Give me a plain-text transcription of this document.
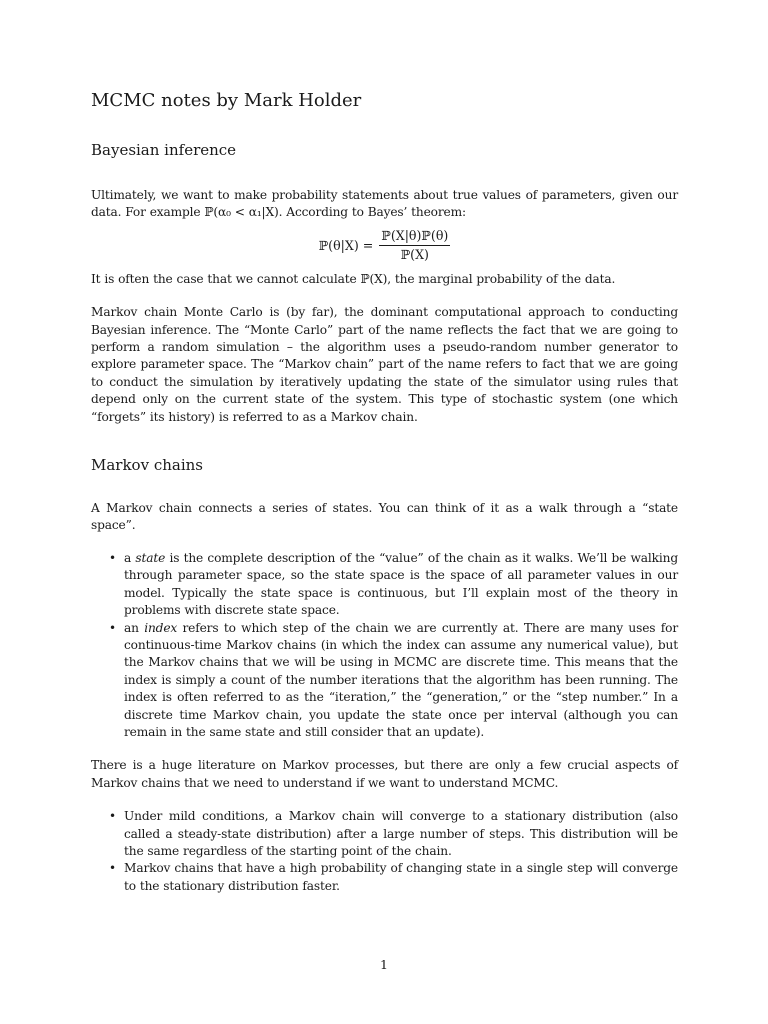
MCMC notes by Mark Holder
Bayesian inference

Ultimately, we want to make probability statements about true values of parameters, given our data. For example ℙ(α₀ < α₁|X). According to Bayes’ theorem:

ℙ(θ|X) = $\frac{\text{ℙ(X|θ)ℙ(θ)}}{\text{ℙ(X)}}$

It is often the case that we cannot calculate ℙ(X), the marginal probability of the data.

Markov chain Monte Carlo is (by far), the dominant computational approach to conducting Bayesian inference. The “Monte Carlo” part of the name reflects the fact that we are going to perform a random simulation – the algorithm uses a pseudo-random number generator to explore parameter space. The “Markov chain” part of the name refers to fact that we are going to conduct the simulation by iteratively updating the state of the simulator using rules that depend only on the current state of the system. This type of stochastic system (one which “forgets” its history) is referred to as a Markov chain.

Markov chains

A Markov chain connects a series of states. You can think of it as a walk through a “state space”.

• a state is the complete description of the “value” of the chain as it walks. We’ll be walking through parameter space, so the state space is the space of all parameter values in our model. Typically the state space is continuous, but I’ll explain most of the theory in problems with discrete state space.
• an index refers to which step of the chain we are currently at. There are many uses for continuous-time Markov chains (in which the index can assume any numerical value), but the Markov chains that we will be using in MCMC are discrete time. This means that the index is simply a count of the number iterations that the algorithm has been running. The index is often referred to as the “iteration,” the “generation,” or the “step number.” In a discrete time Markov chain, you update the state once per interval (although you can remain in the same state and still consider that an update).

There is a huge literature on Markov processes, but there are only a few crucial aspects of Markov chains that we need to understand if we want to understand MCMC.

• Under mild conditions, a Markov chain will converge to a stationary distribution (also called a steady-state distribution) after a large number of steps. This distribution will be the same regardless of the starting point of the chain.
• Markov chains that have a high probability of changing state in a single step will converge to the stationary distribution faster.
1
